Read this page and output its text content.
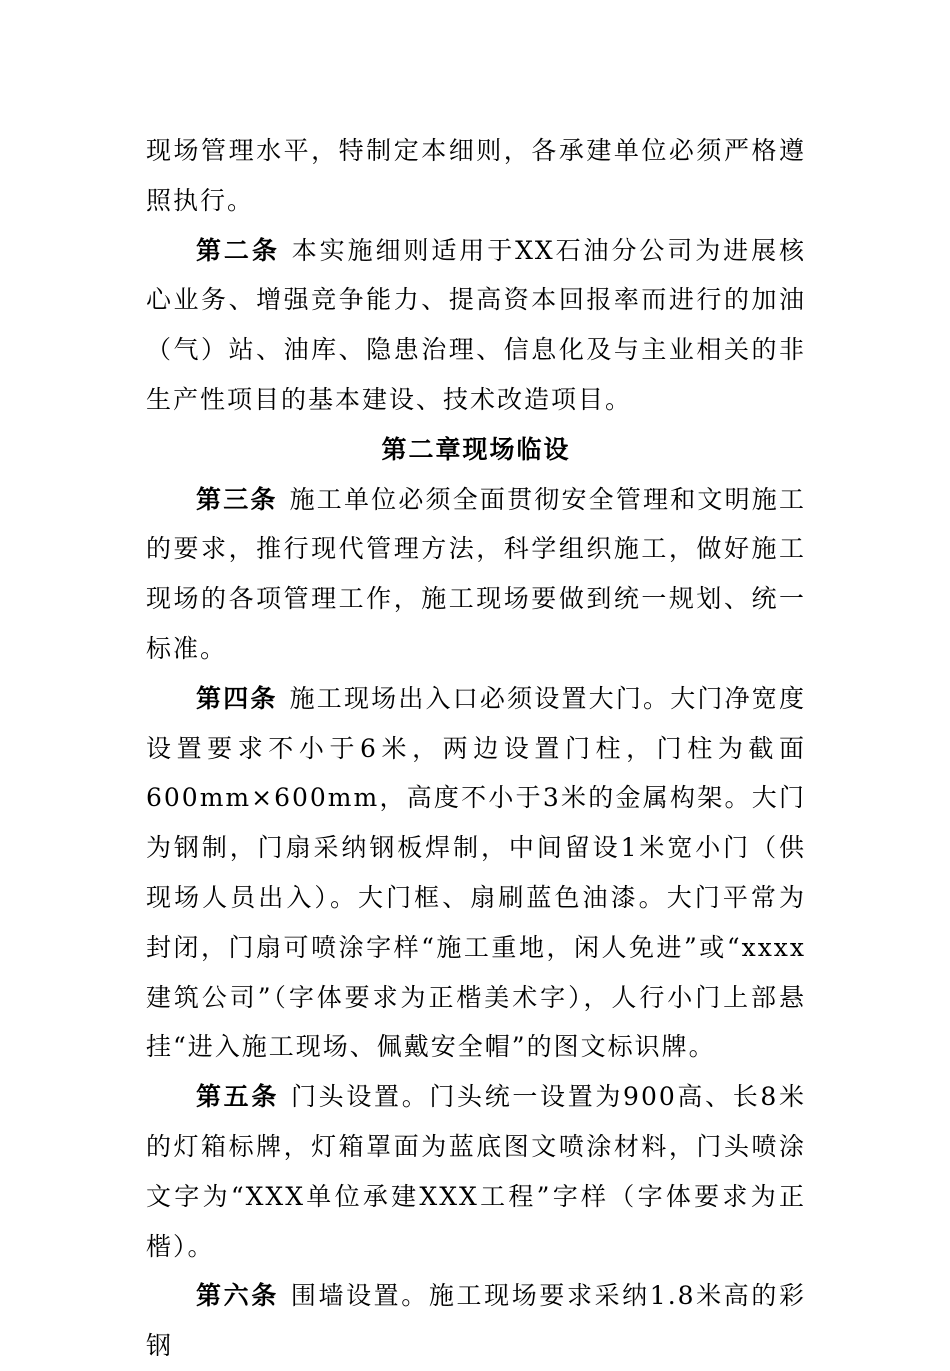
现场管理水平，特制定本细则，各承建单位必须严格遵照执行。

第二条 本实施细则适用于XX石油分公司为进展核心业务、增强竞争能力、提高资本回报率而进行的加油（气）站、油库、隐患治理、信息化及与主业相关的非生产性项目的基本建设、技术改造项目。

第二章现场临设

第三条 施工单位必须全面贯彻安全管理和文明施工的要求，推行现代管理方法，科学组织施工，做好施工现场的各项管理工作，施工现场要做到统一规划、统一标准。

第四条 施工现场出入口必须设置大门。大门净宽度设置要求不小于6米，两边设置门柱，门柱为截面600mm×600mm，高度不小于3米的金属构架。大门为钢制，门扇采纳钢板焊制，中间留设1米宽小门（供现场人员出入）。大门框、扇刷蓝色油漆。大门平常为封闭，门扇可喷涂字样“施工重地，闲人免进”或“xxxx建筑公司”（字体要求为正楷美术字），人行小门上部悬挂“进入施工现场、佩戴安全帽”的图文标识牌。

第五条 门头设置。门头统一设置为900高、长8米的灯箱标牌，灯箱罩面为蓝底图文喷涂材料，门头喷涂文字为“XXX单位承建XXX工程”字样（字体要求为正楷）。

第六条 围墙设置。施工现场要求采纳1.8米高的彩钢
